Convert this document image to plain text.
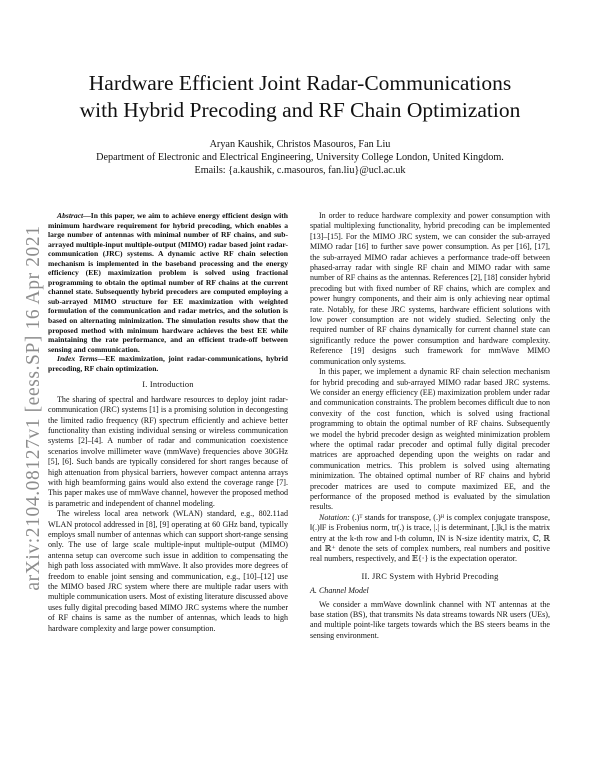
arXiv:2104.08127v1 [eess.SP] 16 Apr 2021
Hardware Efficient Joint Radar-Communications
with Hybrid Precoding and RF Chain Optimization
Aryan Kaushik, Christos Masouros, Fan Liu
Department of Electronic and Electrical Engineering, University College London, United Kingdom.
Emails: {a.kaushik, c.masouros, fan.liu}@ucl.ac.uk

Abstract—In this paper, we aim to achieve energy efficient design with minimum hardware requirement for hybrid precoding, which enables a large number of antennas with minimal number of RF chains, and sub-arrayed multiple-input multiple-output (MIMO) radar based joint radar-communication (JRC) systems. A dynamic active RF chain selection mechanism is implemented in the baseband processing and the energy efficiency (EE) maximization problem is solved using fractional programming to obtain the optimal number of RF chains at the current channel state. Subsequently hybrid precoders are computed employing a sub-arrayed MIMO structure for EE maximization with weighted formulation of the communication and radar metrics, and the solution is based on alternating minimization. The simulation results show that the proposed method with minimum hardware achieves the best EE while maintaining the rate performance, and an efficient trade-off between sensing and communication.

Index Terms—EE maximization, joint radar-communications, hybrid precoding, RF chain optimization.

I. Introduction

The sharing of spectral and hardware resources to deploy joint radar-communication (JRC) systems [1] is a promising solution in decongesting the limited radio frequency (RF) spectrum efficiently and achieve better functionality than existing individual sensing or wireless communication systems [2]–[4]. A number of radar and communication coexistence scenarios involve millimeter wave (mmWave) frequencies above 30GHz [5], [6]. Such bands are typically considered for short ranges because of high attenuation from physical barriers, however compact antenna arrays with high beamforming gains would also extend the coverage range [7]. This paper makes use of mmWave channel, however the proposed method is parametric and independent of channel modeling.

The wireless local area network (WLAN) standard, e.g., 802.11ad WLAN protocol addressed in [8], [9] operating at 60 GHz band, typically employs small number of antennas which can support short-range sensing only. The use of large scale multiple-input multiple-output (MIMO) antenna setup can overcome such issue in addition to compensating the high path loss associated with mmWave. It also provides more degrees of freedom to enable joint sensing and communication, e.g., [10]–[12] use the MIMO based JRC system where there are multiple radar users with multiple communication users. Most of existing literature discussed above uses fully digital precoding based MIMO JRC systems where the number of RF chains is same as the number of antennas, which leads to high hardware complexity and large power consumption.

In order to reduce hardware complexity and power consumption with spatial multiplexing functionality, hybrid precoding can be implemented [13]–[15]. For the MIMO JRC system, we can consider the sub-arrayed MIMO radar [16] to further save power consumption. As per [16], [17], the sub-arrayed MIMO radar achieves a performance trade-off between phased-array radar with single RF chain and MIMO radar with same number of RF chains as the antennas. References [2], [18] consider hybrid precoding but with fixed number of RF chains, which are complex and power hungry components, and their aim is only achieving near optimal rate. Notably, for these JRC systems, hardware efficient solutions with low power consumption are not widely studied. Selecting only the required number of RF chains dynamically for current channel state can significantly reduce the power consumption and hardware complexity. Reference [19] designs such framework for mmWave MIMO communication only systems.

In this paper, we implement a dynamic RF chain selection mechanism for hybrid precoding and sub-arrayed MIMO radar based JRC systems. We consider an energy efficiency (EE) maximization problem under radar and communication constraints. The problem becomes difficult due to non convexity of the cost function, which is solved using fractional programming to obtain the optimal number of RF chains. Subsequently we model the hybrid precoder design as weighted minimization problem where the optimal radar precoder and optimal fully digital precoder matrices are approached depending upon the weights on radar and communication metrics. This problem is solved using alternating minimization. The obtained optimal number of RF chains and hybrid precoder matrices are used to compute maximized EE, and the performance of the proposed method is evaluated by the simulation results.

Notation: (.)ᵀ stands for transpose, (.)ᴴ is complex conjugate transpose, ‖(.)‖F is Frobenius norm, tr(.) is trace, |.| is determinant, [.]k,l is the matrix entry at the k-th row and l-th column, IN is N-size identity matrix, ℂ, ℝ and ℝ⁺ denote the sets of complex numbers, real numbers and positive real numbers, respectively, and 𝔼{·} is the expectation operator.

II. JRC System with Hybrid Precoding
A. Channel Model

We consider a mmWave downlink channel with NT antennas at the base station (BS), that transmits Ns data streams towards NR users (UEs), and multiple point-like targets towards which the BS steers beams in the sensing environment.
